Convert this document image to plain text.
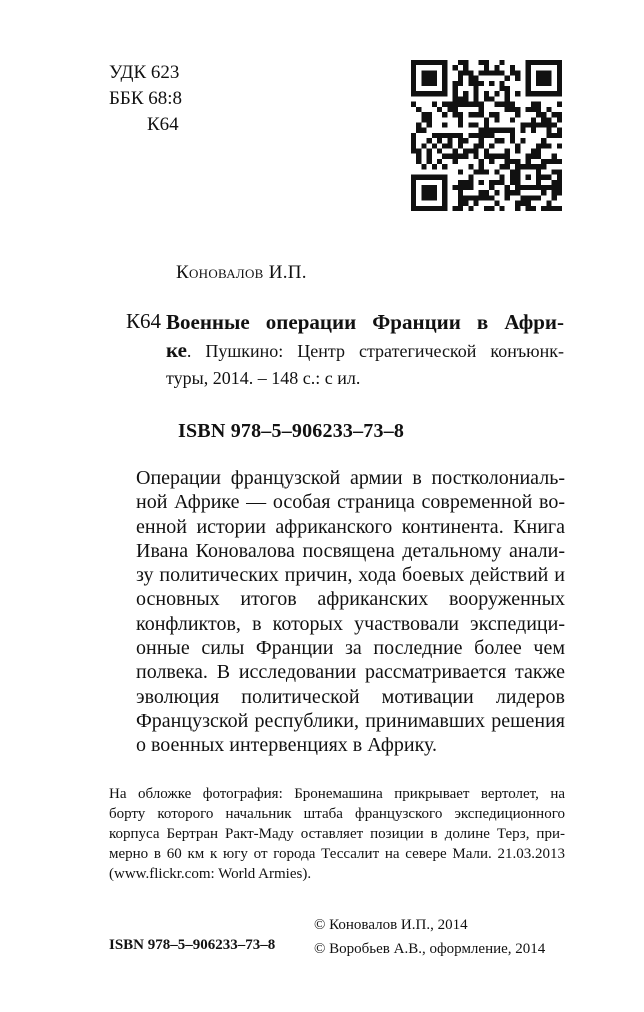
УДК 623
ББК 68:8
К64
Коновалов И.П.
К64 Военные операции Франции в Афри-
ке. Пушкино: Центр стратегической конъюнк-
туры, 2014. – 148 с.: с ил.
ISBN 978–5–906233–73–8
Операции французской армии в постколониаль-
ной Африке — особая страница современной во-
енной истории африканского континента. Книга
Ивана Коновалова посвящена детальному анали-
зу политических причин, хода боевых действий и
основных итогов африканских вооруженных
конфликтов, в которых участвовали экспедици-
онные силы Франции за последние более чем
полвека. В исследовании рассматривается также
эволюция политической мотивации лидеров
Французской республики, принимавших решения
о военных интервенциях в Африку.
На обложке фотография: Бронемашина прикрывает вертолет, на
борту которого начальник штаба французского экспедиционного
корпуса Бертран Ракт-Маду оставляет позиции в долине Терз, при-
мерно в 60 км к югу от города Тессалит на севере Мали. 21.03.2013
(www.flickr.com: World Armies).
© Коновалов И.П., 2014
© Воробьев А.В., оформление, 2014
ISBN 978–5–906233–73–8
